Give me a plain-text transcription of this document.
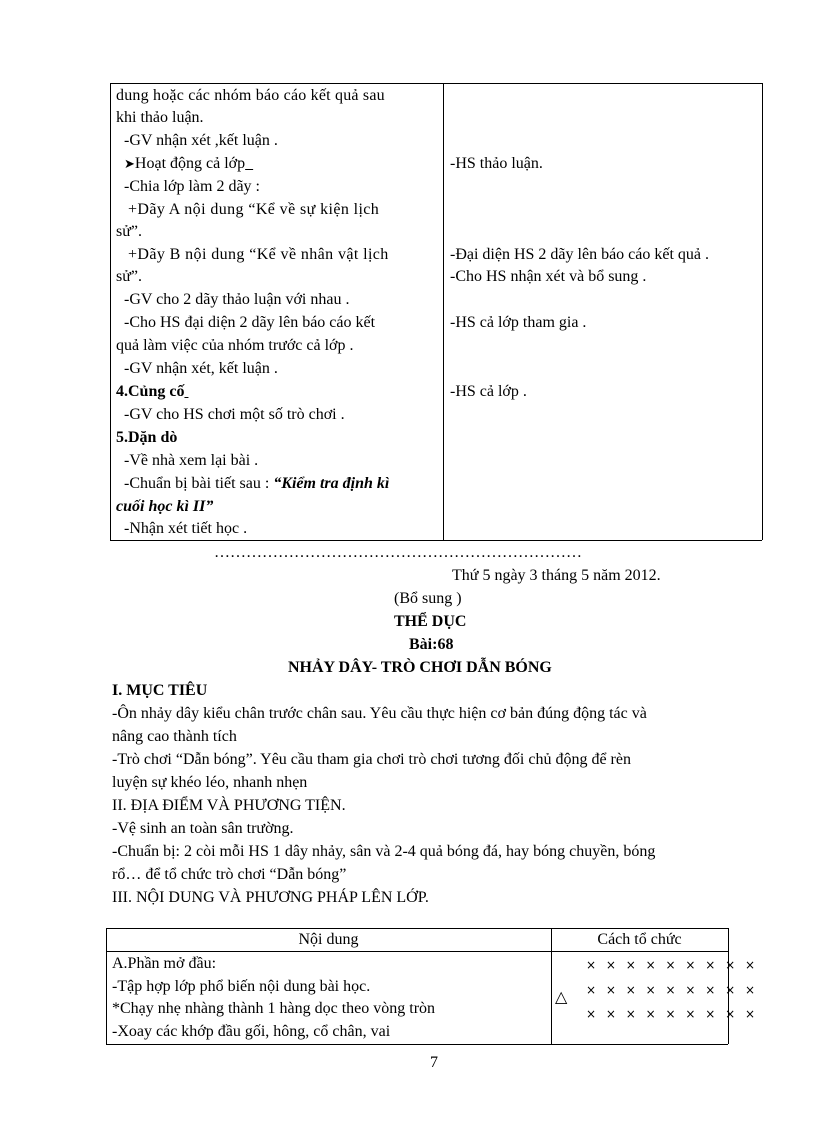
dung hoặc các nhóm báo cáo kết quả sau
khi thảo luận.
-GV nhận xét ,kết luận .
➤Hoạt động cả lớp
-Chia lớp làm 2 dãy :
+Dãy A nội dung “Kể về sự kiện lịch
sử”.
+Dãy B nội dung “Kể về nhân vật lịch
sử”.
-GV cho 2 dãy thảo luận với nhau .
-Cho HS đại diện 2 dãy lên báo cáo kết
quả làm việc của nhóm trước cả lớp .
-GV nhận xét, kết luận .
4.Củng cố
-GV cho HS chơi một số trò chơi .
5.Dặn dò
-Về nhà xem lại bài .
-Chuẩn bị bài tiết sau : “Kiểm tra định kì
cuối học kì II”
-Nhận xét tiết học .
-HS thảo luận.
-Đại diện HS 2 dãy lên báo cáo kết quả .
-Cho HS nhận xét và bổ sung .
-HS cả lớp tham gia .
-HS cả lớp .
……………………………………………………………
Thứ 5 ngày 3 tháng 5 năm 2012.
(Bổ sung )
THỂ DỤC
Bài:68
NHẢY DÂY- TRÒ CHƠI DẪN BÓNG
I. MỤC TIÊU
-Ôn nhảy dây kiểu chân trước chân sau. Yêu cầu thực hiện cơ bản đúng động tác và
nâng cao thành tích
-Trò chơi “Dẫn bóng”. Yêu cầu tham gia chơi trò chơi tương đối chủ động để rèn
luyện sự khéo léo, nhanh nhẹn
II. ĐỊA ĐIỂM VÀ PHƯƠNG TIỆN.
-Vệ sinh an toàn sân trường.
-Chuẩn bị: 2 còi mỗi HS 1 dây nhảy, sân và 2-4 quả bóng đá, hay bóng chuyền, bóng
rổ… để tổ chức trò chơi “Dẫn bóng”
III. NỘI DUNG VÀ PHƯƠNG PHÁP LÊN LỚP.
Nội dung	Cách tổ chức
A.Phần mở đầu:
-Tập hợp lớp phổ biến nội dung bài học.
*Chạy nhẹ nhàng thành 1 hàng dọc theo vòng tròn
-Xoay các khớp đầu gối, hông, cổ chân, vai
× × × × × × × × ×
× × × × × × × × ×
× × × × × × × × ×
△
7
